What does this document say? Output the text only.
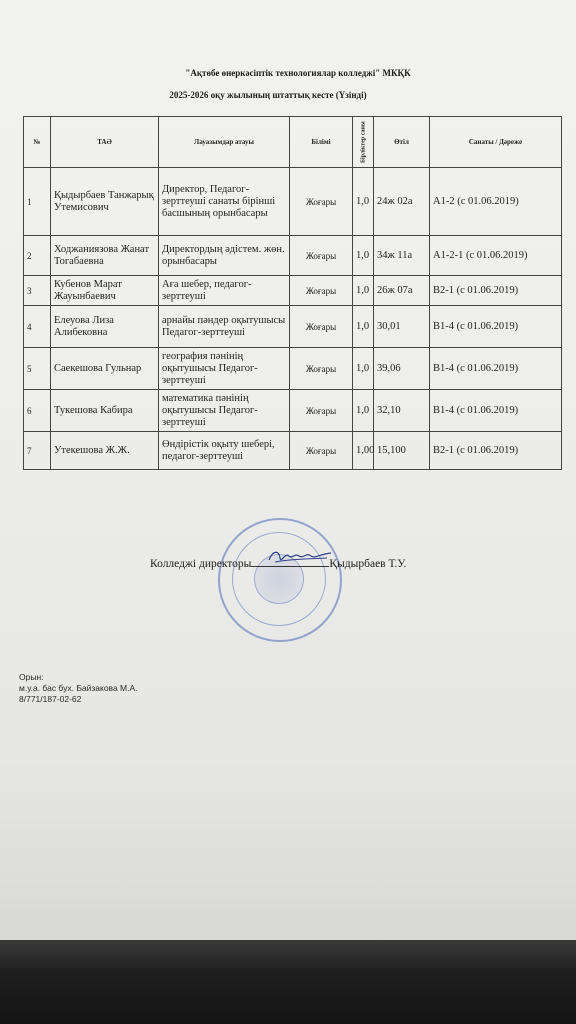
"Ақтөбе өнеркәсіптік технологиялар колледжі" МКҚК
2025-2026 оқу жылының штаттық кесте (Үзінді)
№	ТАӘ	Лауазымдар атауы	Білімі	Бірліктер саны	Өтіл	Санаты / Дәреже
1	Қыдырбаев Танжарық Утемисович	Директор, Педагог-зерттеуші санаты бірінші басшының орынбасары	Жоғары	1,0	24ж 02а	А1-2 (с 01.06.2019)
2	Ходжаниязова Жанат Тогабаевна	Директордың әдістем. жөн. орынбасары	Жоғары	1,0	34ж 11а	А1-2-1 (с 01.06.2019)
3	Кубенов Марат Жауынбаевич	Аға шебер, педагог-зерттеуші	Жоғары	1,0	26ж 07а	В2-1 (с 01.06.2019)
4	Елеуова Лиза Алибековна	арнайы пәндер оқытушысы Педагог-зерттеуші	Жоғары	1,0	30,01	В1-4 (с 01.06.2019)
5	Саекешова Гульнар	география пәнінің оқытушысы Педагог-зерттеуші	Жоғары	1,0	39,06	В1-4 (с 01.06.2019)
6	Тукешова Кабира	математика пәнінің оқытушысы Педагог-зерттеуші	Жоғары	1,0	32,10	В1-4 (с 01.06.2019)
7	Утекешова Ж.Ж.	Өндірістік оқыту шебері, педагог-зерттеуші	Жоғары	1,00	15,100	В2-1 (с 01.06.2019)
Колледжі директоры	Қыдырбаев Т.У.
Орын:
м.у.а. бас бух. Байзакова М.А.
8/771/187-02-62
